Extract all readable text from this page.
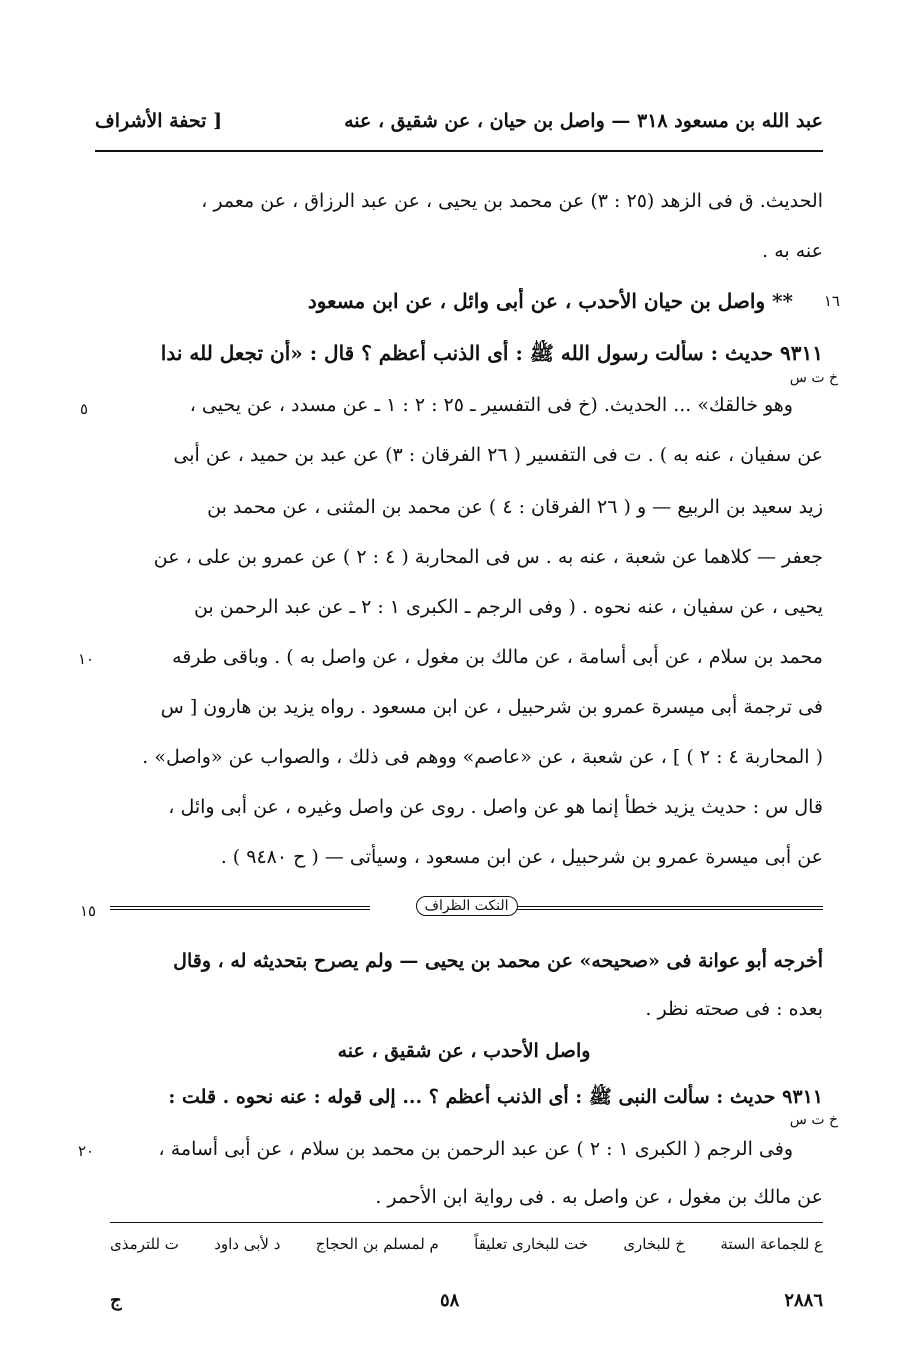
عبد الله بن مسعود ٣١٨ — واصل بن حيان ، عن شقيق ، عنه
[ تحفة الأشراف
الحديث. ق فى الزهد (٢٥ : ٣) عن محمد بن يحيى ، عن عبد الرزاق ، عن معمر ،
عنه به .
** واصل بن حيان الأحدب ، عن أبى وائل ، عن ابن مسعود
٩٣١١ حديث : سألت رسول الله ﷺ : أى الذنب أعظم ؟ قال : «أن تجعل لله ندا
وهو خالقك» ... الحديث. (خ فى التفسير ـ ٢٥ : ٢ : ١ ـ عن مسدد ، عن يحيى ،
عن سفيان ، عنه به ) . ت فى التفسير ( ٢٦ الفرقان : ٣) عن عبد بن حميد ، عن أبى
زيد سعيد بن الربيع — و ( ٢٦ الفرقان : ٤ ) عن محمد بن المثنى ، عن محمد بن
جعفر — كلاهما عن شعبة ، عنه به . س فى المحاربة ( ٤ : ٢ ) عن عمرو بن على ، عن
يحيى ، عن سفيان ، عنه نحوه . ( وفى الرجم ـ الكبرى ١ : ٢ ـ عن عبد الرحمن بن
محمد بن سلام ، عن أبى أسامة ، عن مالك بن مغول ، عن واصل به ) . وباقى طرقه
فى ترجمة أبى ميسرة عمرو بن شرحبيل ، عن ابن مسعود . رواه يزيد بن هارون [ س
( المحاربة ٤ : ٢ ) ] ، عن شعبة ، عن «عاصم» ووهم فى ذلك ، والصواب عن «واصل» .
قال س : حديث يزيد خطأ إنما هو عن واصل . روى عن واصل وغيره ، عن أبى وائل ،
عن أبى ميسرة عمرو بن شرحبيل ، عن ابن مسعود ، وسيأتى — ( ح ٩٤٨٠ ) .
١٦
٥
١٠
١٥
٢٠
خ ت س
خ ت س
النكت الظراف
أخرجه أبو عوانة فى «صحيحه» عن محمد بن يحيى — ولم يصرح بتحديثه له ، وقال
بعده : فى صحته نظر .
واصل الأحدب ، عن شقيق ، عنه
٩٣١١ حديث : سألت النبى ﷺ : أى الذنب أعظم ؟ ... إلى قوله : عنه نحوه . قلت :
وفى الرجم ( الكبرى ١ : ٢ ) عن عبد الرحمن بن محمد بن سلام ، عن أبى أسامة ،
عن مالك بن مغول ، عن واصل به . فى رواية ابن الأحمر .
ع للجماعة الستة
خ للبخارى
خت للبخارى تعليقاً
م لمسلم بن الحجاج
د لأبى داود
ت للترمذى
٢٨٨٦
٥٨
ج
